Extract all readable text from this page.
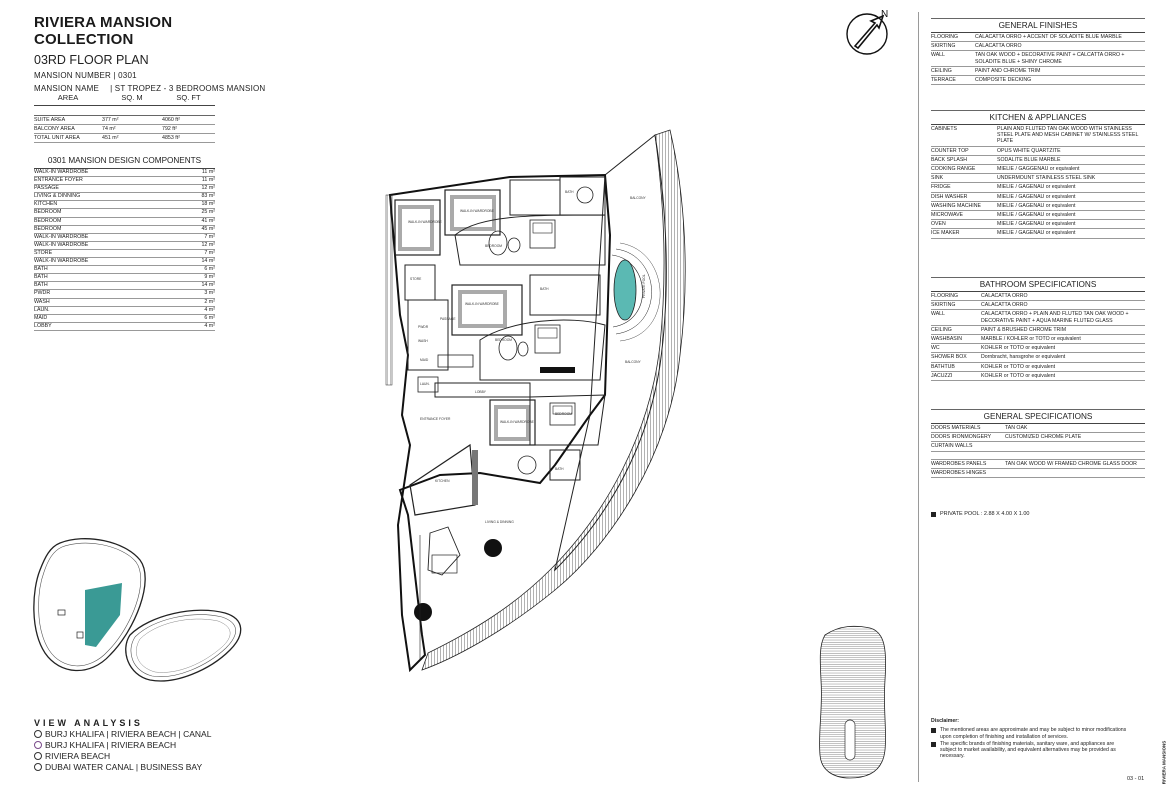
RIVIERA MANSION COLLECTION
03RD FLOOR PLAN
MANSION NUMBER | 0301
MANSION NAME | ST TROPEZ - 3 BEDROOMS MANSION
AREA	SQ. M	SQ. FT

SUITE AREA	377 m²	4060 ft²
BALCONY AREA	74 m²	792 ft²
TOTAL UNIT AREA	451 m²	4853 ft²
0301 MANSION DESIGN COMPONENTS
WALK-IN WARDROBE	11 m²
ENTRANCE FOYER	11 m²
PASSAGE	12 m²
LIVING & DINNING	83 m²
KITCHEN	18 m²
BEDROOM	25 m²
BEDROOM	41 m²
BEDROOM	45 m²
WALK-IN WARDROBE	7 m²
WALK-IN WARDROBE	12 m²
STORE	7 m²
WALK-IN WARDROBE	14 m²
BATH	6 m²
BATH	9 m²
BATH	14 m²
PWDR	3 m²
WASH	2 m²
LAUN.	4 m²
MAID	6 m²
LOBBY	4 m²
VIEW ANALYSIS
BURJ KHALIFA | RIVIERA BEACH | CANAL
BURJ KHALIFA | RIVIERA BEACH
RIVIERA BEACH
DUBAI WATER CANAL | BUSINESS BAY
WALK-IN WARDROBE
WALK-IN WARDROBE
BEDROOM
BATH
STORE
PASSAGE
WALK-IN WARDROBE
BATH
BEDROOM
MAID
LAUN.
WASH
PWDR
LOBBY
WALK-IN WARDROBE
BEDROOM
BATH
ENTRANCE FOYER
KITCHEN
LIVING & DINNING
BALCONY
BALCONY
PRIVATE POOL
N
GENERAL FINISHES
FLOORING	CALACATTA ORRO + ACCENT OF SOLADITE BLUE MARBLE
SKIRTING	CALACATTA ORRO
WALL	TAN OAK WOOD + DECORATIVE PAINT + CALCATTA ORRO + SOLADITE BLUE + SHINY CHROME
CEILING	PAINT AND CHROME TRIM
TERRACE	COMPOSITE DECKING
KITCHEN & APPLIANCES
CABINETS	PLAIN AND FLUTED TAN OAK WOOD WITH STAINLESS STEEL PLATE AND MESH CABINET W/ STAINLESS STEEL PLATE
COUNTER TOP	OPUS WHITE QUARTZITE
BACK SPLASH	SODALITE BLUE MARBLE
COOKING RANGE	MIELIE / GAGGENAU or equivalent
SINK	UNDERMOUNT STAINLESS STEEL SINK
FRIDGE	MIELIE / GAGENAU or equivalent
DISH WASHER	MIELIE / GAGENAU or equivalent
WASHING MACHINE	MIELIE / GAGENAU or equivalent
MICROWAVE	MIELIE / GAGENAU or equivalent
OVEN	MIELIE / GAGENAU or equivalent
ICE MAKER	MIELIE / GAGENAU or equivalent
BATHROOM SPECIFICATIONS
FLOORING	CALACATTA ORRO
SKIRTING	CALACATTA ORRO
WALL	CALACATTA ORRO + PLAIN AND FLUTED TAN OAK WOOD + DECORATIVE PAINT + AQUA MARINE FLUTED GLASS
CEILING	PAINT & BRUSHED CHROME TRIM
WASHBASIN	MARBLE / KOHLER or TOTO or equivalent
WC	KOHLER or TOTO or equivalent
SHOWER BOX	Dornbracht, hansgrohe or equivalent
BATHTUB	KOHLER or TOTO or equivalent
JACUZZI	KOHLER or TOTO or equivalent
GENERAL SPECIFICATIONS
DOORS MATERIALS	TAN OAK
DOORS IRONMONGERY	CUSTOMIZED CHROME PLATE
CURTAIN WALLS
WARDROBES PANELS	TAN OAK WOOD W/ FRAMED CHROME GLASS DOOR
WARDROBES HINGES
PRIVATE POOL : 2.88 X 4.00 X 1.00
Disclaimer:
The mentioned areas are approximate and may be subject to minor modifications upon completion of finishing and installation of services.
The specific brands of finishing materials, sanitary ware, and appliances are subject to market availability, and equivalent alternatives may be provided as necessary.
03 - 01	RIVIERA MANSIONS
